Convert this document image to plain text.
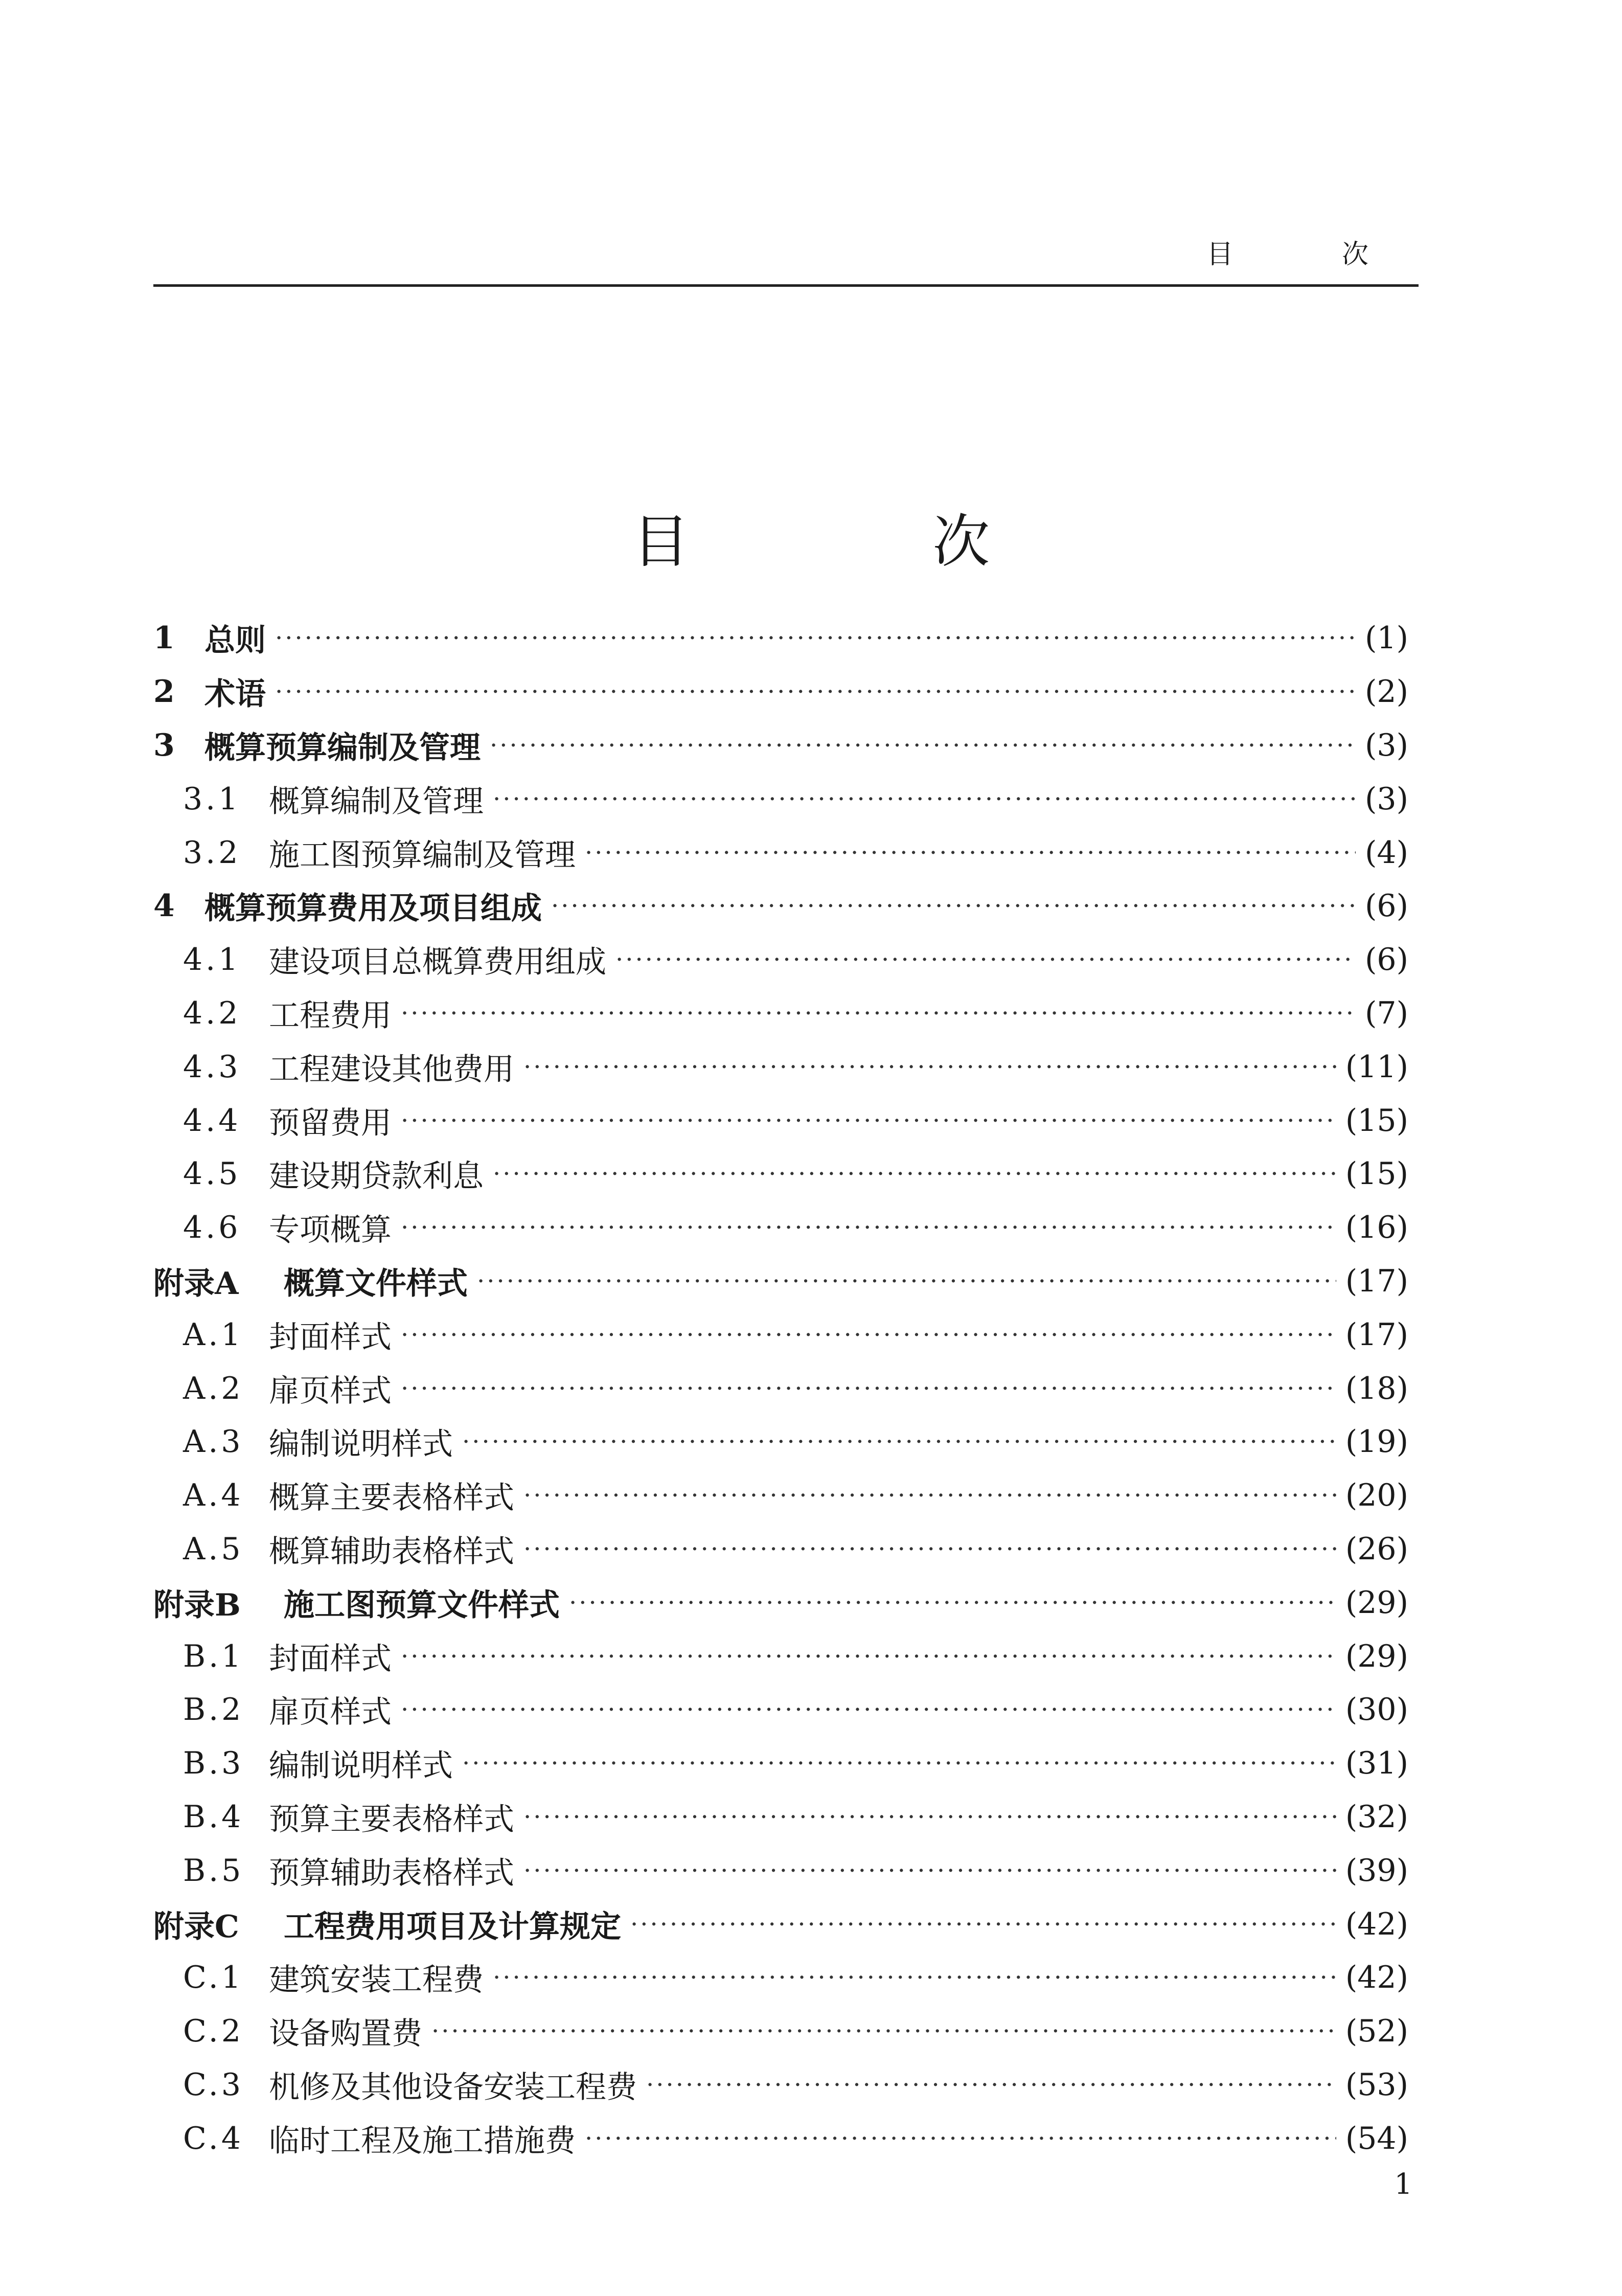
目 次
目 次
1 总则 ·····	(1)
2 术语 ·····	(2)
3 概算预算编制及管理 ·····	(3)
3.1 概算编制及管理 ·····	(3)
3.2 施工图预算编制及管理 ·····	(4)
4 概算预算费用及项目组成 ·····	(6)
4.1 建设项目总概算费用组成 ·····	(6)
4.2 工程费用 ·····	(7)
4.3 工程建设其他费用 ·····	(11)
4.4 预留费用 ·····	(15)
4.5 建设期贷款利息 ·····	(15)
4.6 专项概算 ·····	(16)
附录A	概算文件样式 ·····	(17)
A.1 封面样式 ·····	(17)
A.2 扉页样式 ·····	(18)
A.3 编制说明样式 ·····	(19)
A.4 概算主要表格样式 ·····	(20)
A.5 概算辅助表格样式 ·····	(26)
附录B	施工图预算文件样式 ·····	(29)
B.1 封面样式 ·····	(29)
B.2 扉页样式 ·····	(30)
B.3 编制说明样式 ·····	(31)
B.4 预算主要表格样式 ·····	(32)
B.5 预算辅助表格样式 ·····	(39)
附录C	工程费用项目及计算规定 ·····	(42)
C.1 建筑安装工程费 ·····	(42)
C.2 设备购置费 ·····	(52)
C.3 机修及其他设备安装工程费 ·····	(53)
C.4 临时工程及施工措施费 ·····	(54)
1
